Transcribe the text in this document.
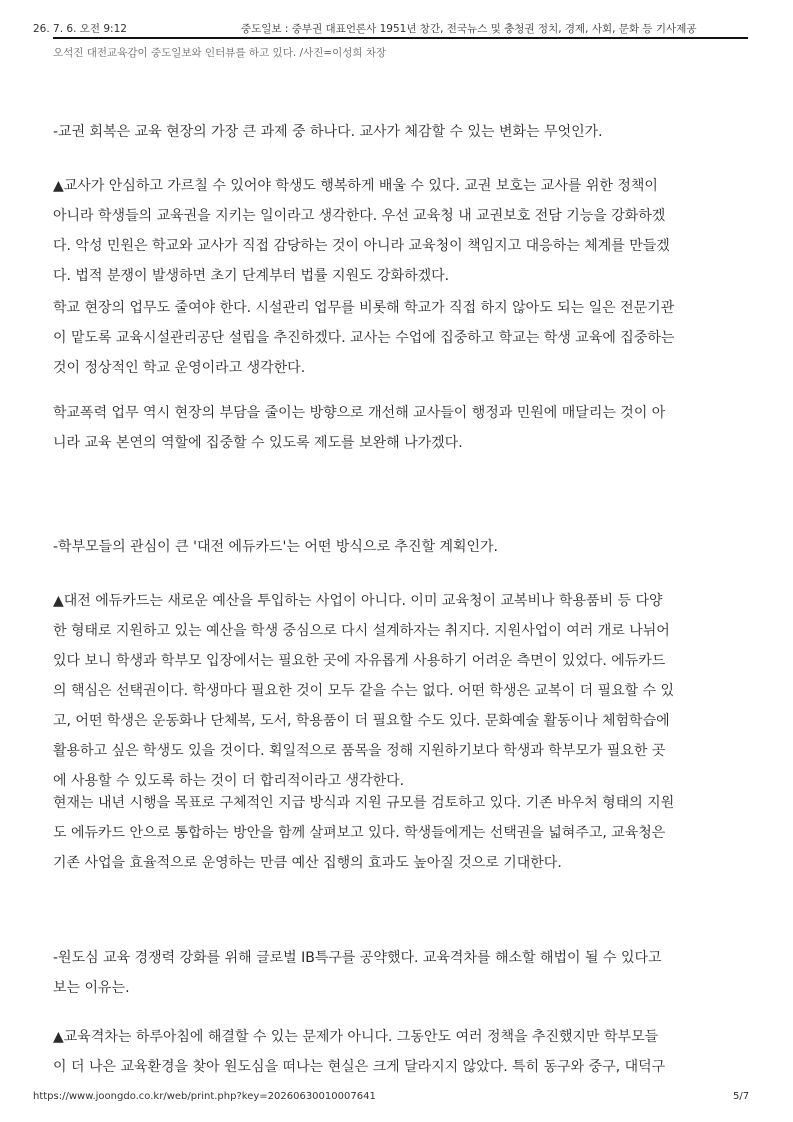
26. 7. 6. 오전 9:12	중도일보 : 중부권 대표언론사 1951년 창간, 전국뉴스 및 충청권 정치, 경제, 사회, 문화 등 기사제공
오석진 대전교육감이 중도일보와 인터뷰를 하고 있다. /사진=이성희 차장
-교권 회복은 교육 현장의 가장 큰 과제 중 하나다. 교사가 체감할 수 있는 변화는 무엇인가.
▲교사가 안심하고 가르칠 수 있어야 학생도 행복하게 배울 수 있다. 교권 보호는 교사를 위한 정책이
아니라 학생들의 교육권을 지키는 일이라고 생각한다. 우선 교육청 내 교권보호 전담 기능을 강화하겠
다. 악성 민원은 학교와 교사가 직접 감당하는 것이 아니라 교육청이 책임지고 대응하는 체계를 만들겠
다. 법적 분쟁이 발생하면 초기 단계부터 법률 지원도 강화하겠다.
학교 현장의 업무도 줄여야 한다. 시설관리 업무를 비롯해 학교가 직접 하지 않아도 되는 일은 전문기관
이 맡도록 교육시설관리공단 설립을 추진하겠다. 교사는 수업에 집중하고 학교는 학생 교육에 집중하는
것이 정상적인 학교 운영이라고 생각한다.
학교폭력 업무 역시 현장의 부담을 줄이는 방향으로 개선해 교사들이 행정과 민원에 매달리는 것이 아
니라 교육 본연의 역할에 집중할 수 있도록 제도를 보완해 나가겠다.
-학부모들의 관심이 큰 '대전 에듀카드'는 어떤 방식으로 추진할 계획인가.
▲대전 에듀카드는 새로운 예산을 투입하는 사업이 아니다. 이미 교육청이 교복비나 학용품비 등 다양
한 형태로 지원하고 있는 예산을 학생 중심으로 다시 설계하자는 취지다. 지원사업이 여러 개로 나뉘어
있다 보니 학생과 학부모 입장에서는 필요한 곳에 자유롭게 사용하기 어려운 측면이 있었다. 에듀카드
의 핵심은 선택권이다. 학생마다 필요한 것이 모두 같을 수는 없다. 어떤 학생은 교복이 더 필요할 수 있
고, 어떤 학생은 운동화나 단체복, 도서, 학용품이 더 필요할 수도 있다. 문화예술 활동이나 체험학습에
활용하고 싶은 학생도 있을 것이다. 획일적으로 품목을 정해 지원하기보다 학생과 학부모가 필요한 곳
에 사용할 수 있도록 하는 것이 더 합리적이라고 생각한다.
현재는 내년 시행을 목표로 구체적인 지급 방식과 지원 규모를 검토하고 있다. 기존 바우처 형태의 지원
도 에듀카드 안으로 통합하는 방안을 함께 살펴보고 있다. 학생들에게는 선택권을 넓혀주고, 교육청은
기존 사업을 효율적으로 운영하는 만큼 예산 집행의 효과도 높아질 것으로 기대한다.
-원도심 교육 경쟁력 강화를 위해 글로벌 IB특구를 공약했다. 교육격차를 해소할 해법이 될 수 있다고
보는 이유는.
▲교육격차는 하루아침에 해결할 수 있는 문제가 아니다. 그동안도 여러 정책을 추진했지만 학부모들
이 더 나은 교육환경을 찾아 원도심을 떠나는 현실은 크게 달라지지 않았다. 특히 동구와 중구, 대덕구
https://www.joongdo.co.kr/web/print.php?key=20260630010007641	5/7
